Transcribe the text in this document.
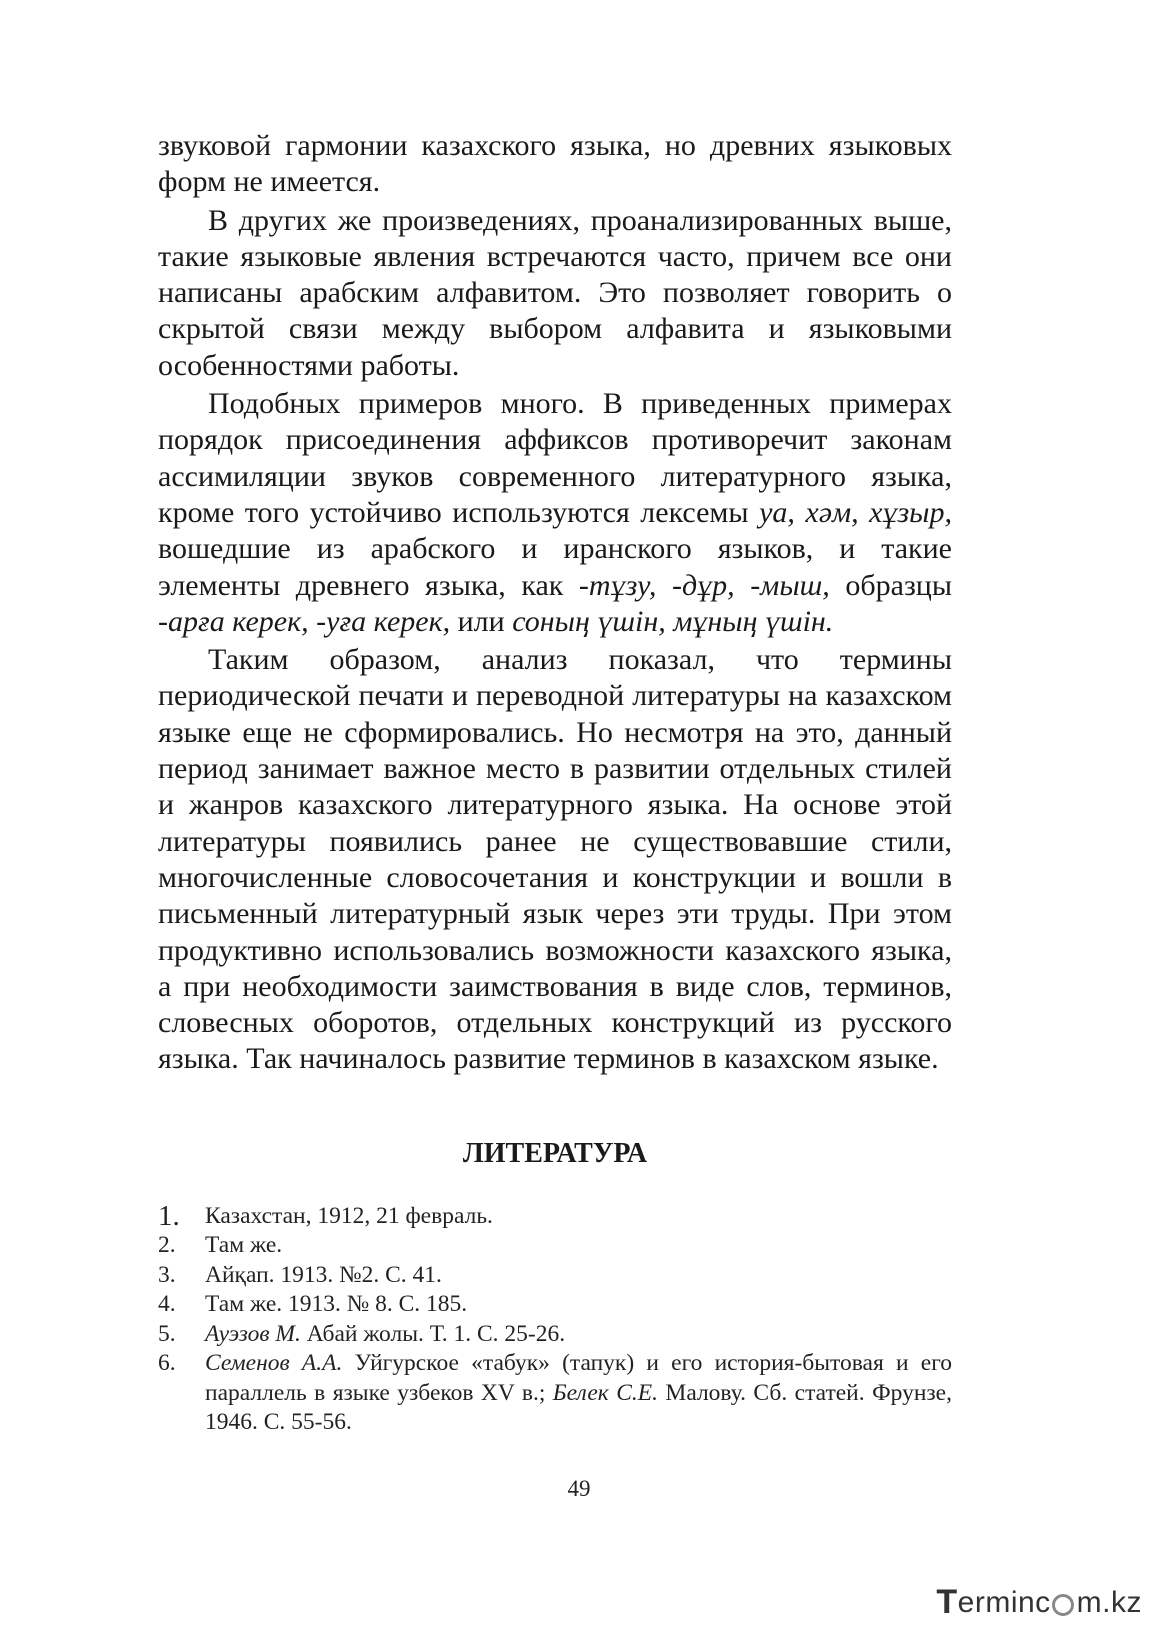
звуковой гармонии казахского языка, но древних языковых форм не имеется.

В других же произведениях, проанализированных выше, такие языковые явления встречаются часто, причем все они написаны арабским алфавитом. Это позволяет говорить о скрытой связи между выбором алфавита и языковыми особенностями работы.

Подобных примеров много. В приведенных примерах порядок присоединения аффиксов противоречит законам ассимиляции звуков современного литературного языка, кроме того устойчиво используются лексемы уа, хәм, хұзыр, вошедшие из арабского и иранского языков, и такие элементы древнего языка, как -тұзу, -дұр, -мыш, образцы -арға керек, -уға керек, или соның үшін, мұның үшін.

Таким образом, анализ показал, что термины периодической печати и переводной литературы на казахском языке еще не сформировались. Но несмотря на это, данный период занимает важное место в развитии отдельных стилей и жанров казахского литературного языка. На основе этой литературы появились ранее не существовавшие стили, многочисленные словосочетания и конструкции и вошли в письменный литературный язык через эти труды. При этом продуктивно использовались возможности казахского языка, а при необходимости заимствования в виде слов, терминов, словесных оборотов, отдельных конструкций из русского языка. Так начиналось развитие терминов в казахском языке.

ЛИТЕРАТУРА
1. Казахстан, 1912, 21 февраль.
2. Там же.
3. Айқап. 1913. №2. С. 41.
4. Там же. 1913. № 8. С. 185.
5. Ауэзов М. Абай жолы. Т. 1. С. 25-26.
6. Семенов А.А. Уйгурское «табук» (тапук) и его история-бытовая и его параллель в языке узбеков XV в.; Белек С.Е. Малову. Сб. статей. Фрунзе, 1946. С. 55-56.
49
T erminc m.kz
